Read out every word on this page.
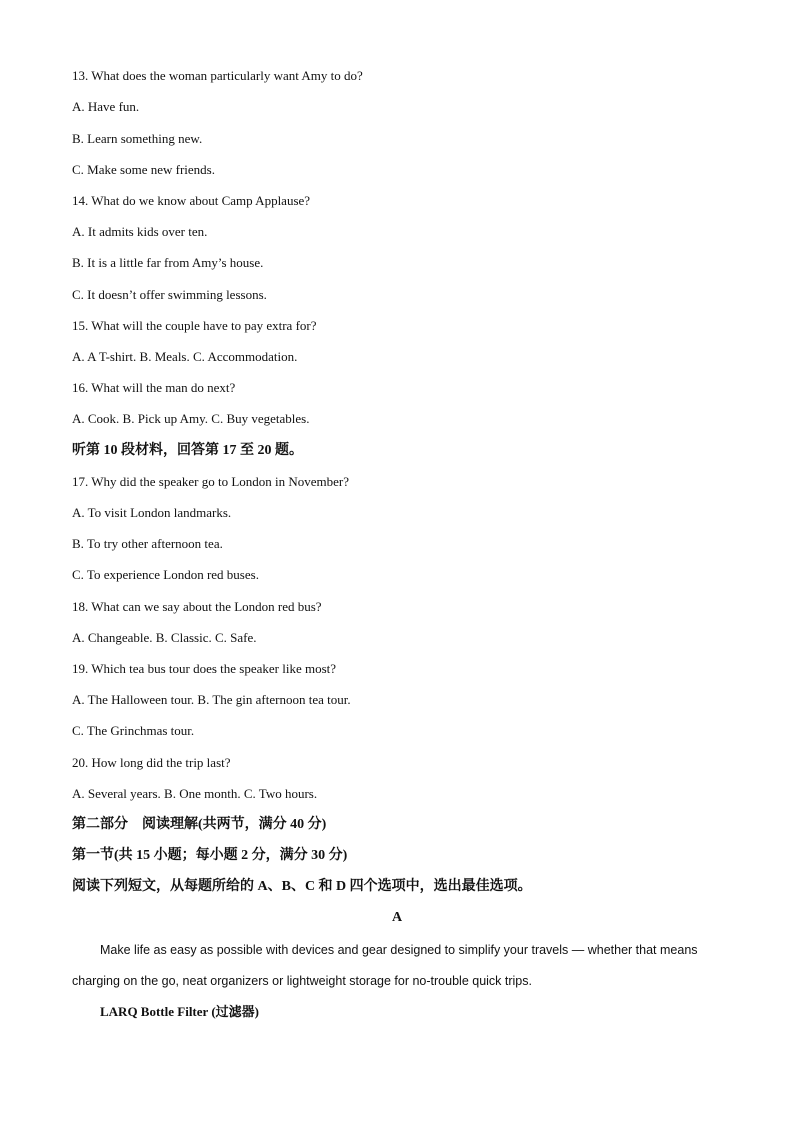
13. What does the woman particularly want Amy to do?
A. Have fun.
B. Learn something new.
C. Make some new friends.
14. What do we know about Camp Applause?
A. It admits kids over ten.
B. It is a little far from Amy’s house.
C. It doesn’t offer swimming lessons.
15. What will the couple have to pay extra for?
A. A T-shirt. B. Meals. C. Accommodation.
16. What will the man do next?
A. Cook. B. Pick up Amy. C. Buy vegetables.
听第 10 段材料，回答第 17 至 20 题。
17. Why did the speaker go to London in November?
A. To visit London landmarks.
B. To try other afternoon tea.
C. To experience London red buses.
18. What can we say about the London red bus?
A. Changeable. B. Classic. C. Safe.
19. Which tea bus tour does the speaker like most?
A. The Halloween tour. B. The gin afternoon tea tour.
C. The Grinchmas tour.
20. How long did the trip last?
A. Several years. B. One month. C. Two hours.
第二部分　阅读理解(共两节，满分 40 分)
第一节(共 15 小题；每小题 2 分，满分 30 分)
阅读下列短文，从每题所给的 A、B、C 和 D 四个选项中，选出最佳选项。
A
Make life as easy as possible with devices and gear designed to simplify your travels — whether that means
charging on the go, neat organizers or lightweight storage for no-trouble quick trips.
LARQ Bottle Filter (过滤器)
